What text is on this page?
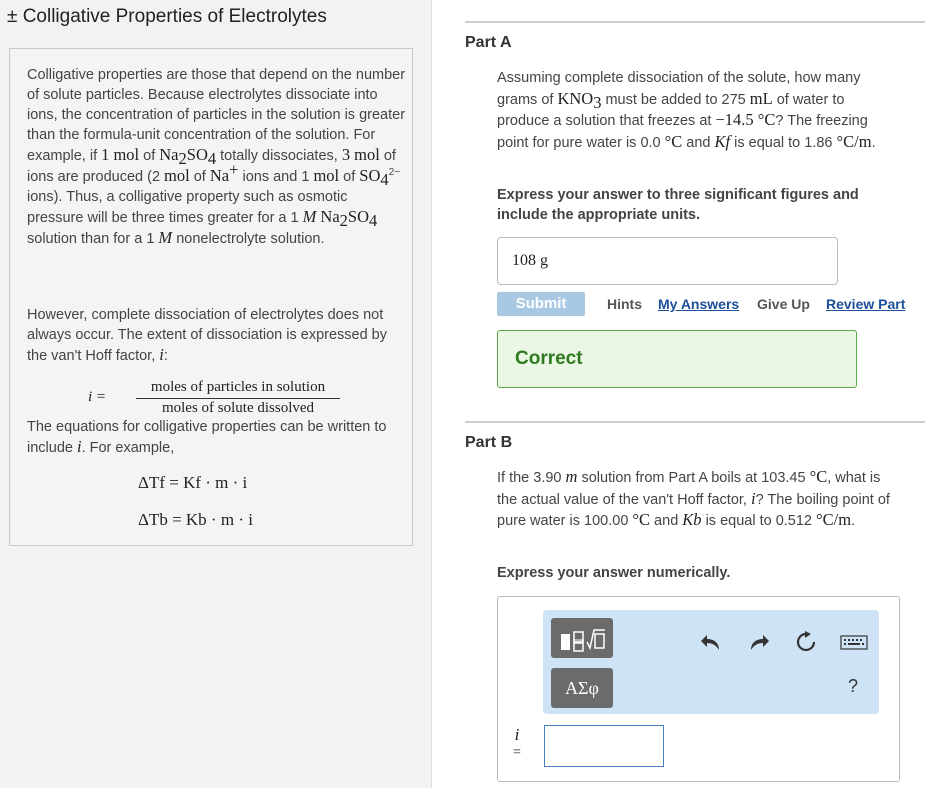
± Colligative Properties of Electrolytes
Colligative properties are those that depend on the number of solute particles. Because electrolytes dissociate into ions, the concentration of particles in the solution is greater than the formula-unit concentration of the solution. For example, if 1 mol of $Na_2SO_4$ totally dissociates, 3 mol of ions are produced (2 mol of Na+ ions and 1 mol of $SO_4^{2-}$ ions). Thus, a colligative property such as osmotic pressure will be three times greater for a 1 M $Na_2SO_4$ solution than for a 1 M nonelectrolyte solution.
However, complete dissociation of electrolytes does not always occur. The extent of dissociation is expressed by the van't Hoff factor, i:
i =
moles of particles in solution
moles of solute dissolved
The equations for colligative properties can be written to include i. For example,
ΔTf = Kf · m · i
ΔTb = Kb · m · i
Part A
Assuming complete dissociation of the solute, how many grams of $KNO_3$ must be added to 275 mL of water to produce a solution that freezes at −14.5 °C? The freezing point for pure water is 0.0 °C and Kf is equal to 1.86 °C/m.
Express your answer to three significant figures and include the appropriate units.
108 g
Submit	Hints My Answers Give Up Review Part
Correct
Part B
If the 3.90 m solution from Part A boils at 103.45 °C, what is the actual value of the van't Hoff factor, i? The boiling point of pure water is 100.00 °C and Kb is equal to 0.512 °C/m.
Express your answer numerically.
ΑΣφ	?
i
=
